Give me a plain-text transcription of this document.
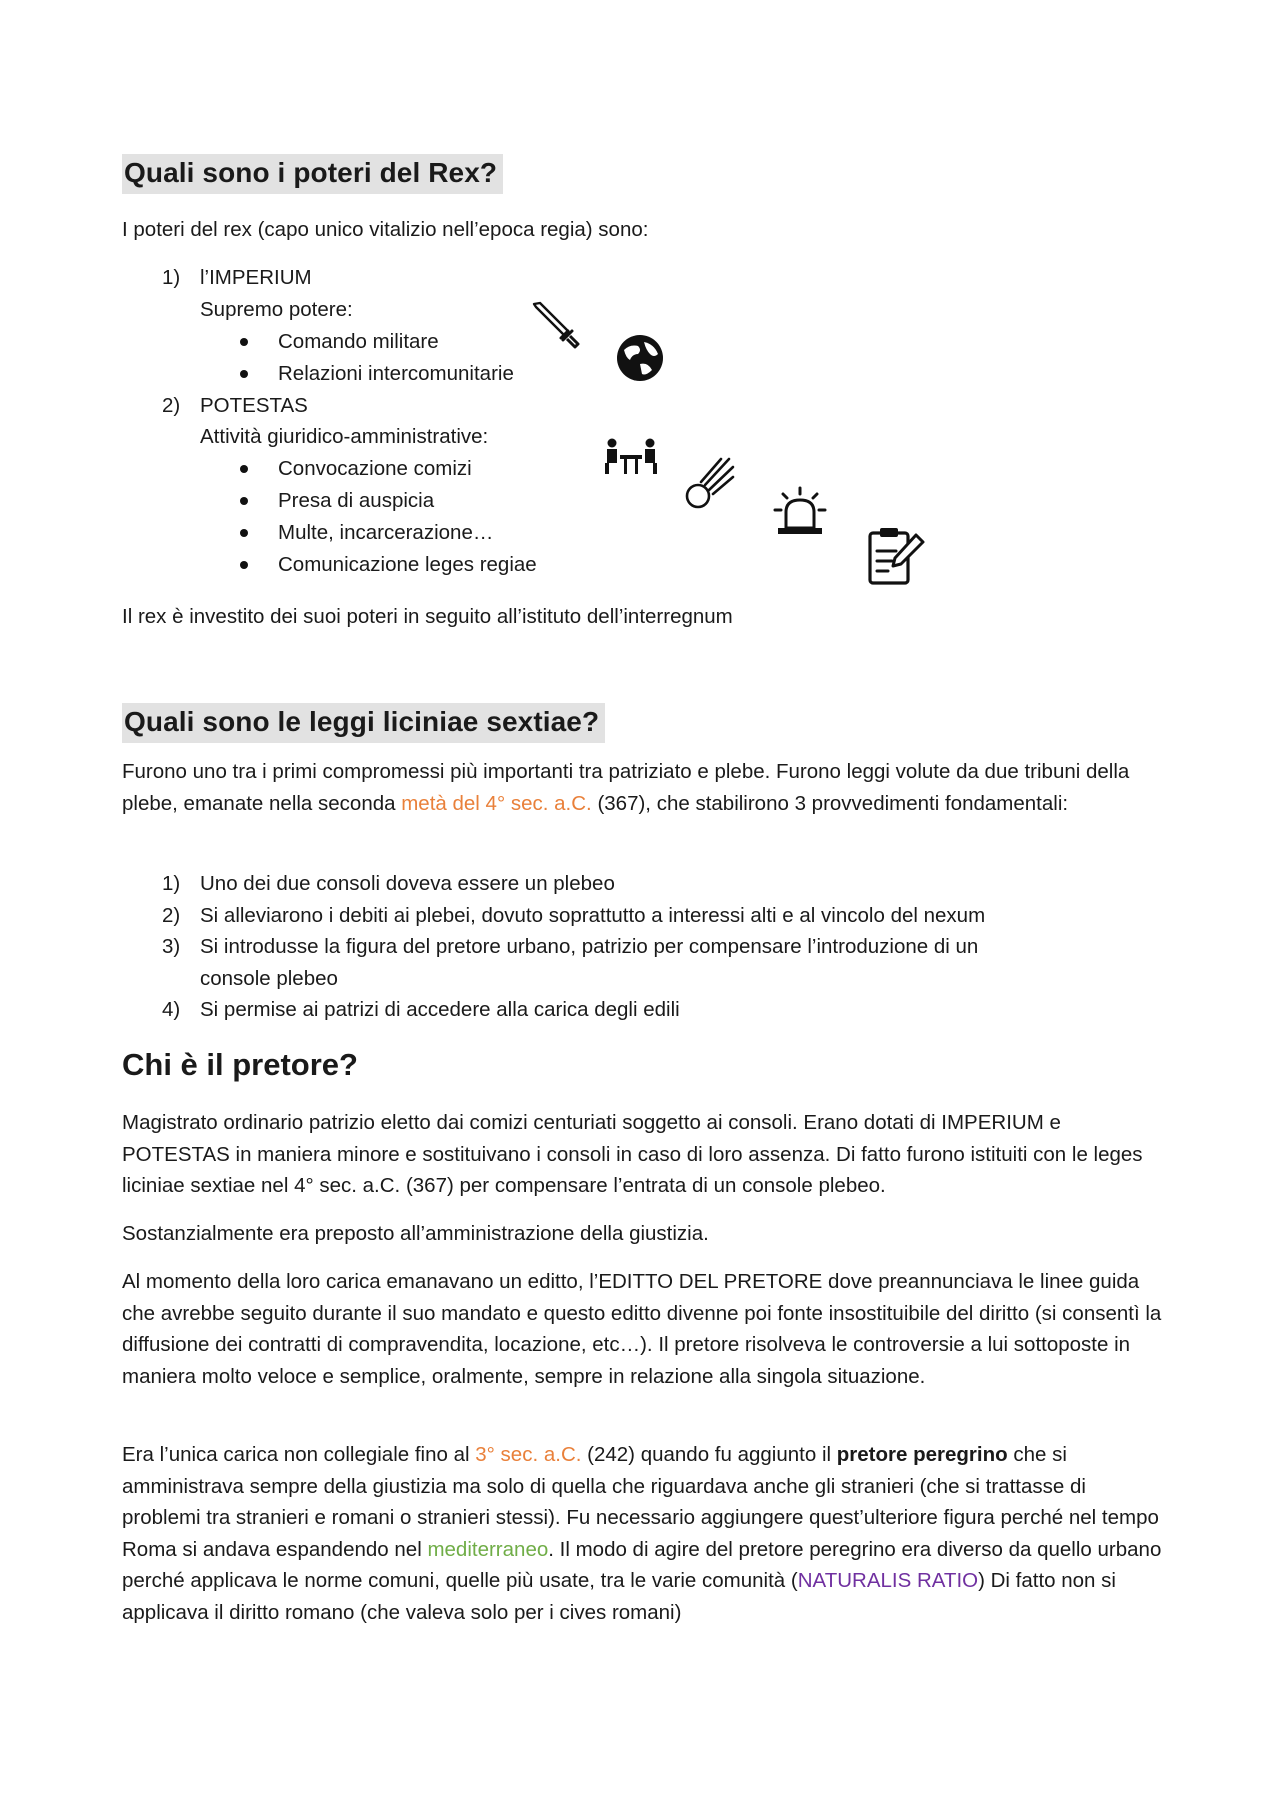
Quali sono i poteri del Rex?

I poteri del rex (capo unico vitalizio nell’epoca regia) sono:

1) l’IMPERIUM
Supremo potere:
Comando militare
Relazioni intercomunitarie
2) POTESTAS
Attività giuridico-amministrative:
Convocazione comizi
Presa di auspicia
Multe, incarcerazione…
Comunicazione leges regiae

Il rex è investito dei suoi poteri in seguito all’istituto dell’interregnum

Quali sono le leggi liciniae sextiae?

Furono uno tra i primi compromessi più importanti tra patriziato e plebe. Furono leggi volute da due tribuni della plebe, emanate nella seconda metà del 4° sec. a.C. (367), che stabilirono 3 provvedimenti fondamentali:

1) Uno dei due consoli doveva essere un plebeo
2) Si alleviarono i debiti ai plebei, dovuto soprattutto a interessi alti e al vincolo del nexum
3) Si introdusse la figura del pretore urbano, patrizio per compensare l’introduzione di un console plebeo
4) Si permise ai patrizi di accedere alla carica degli edili
Chi è il pretore?

Magistrato ordinario patrizio eletto dai comizi centuriati soggetto ai consoli. Erano dotati di IMPERIUM e POTESTAS in maniera minore e sostituivano i consoli in caso di loro assenza. Di fatto furono istituiti con le leges liciniae sextiae nel 4° sec. a.C. (367) per compensare l’entrata di un console plebeo.

Sostanzialmente era preposto all’amministrazione della giustizia.

Al momento della loro carica emanavano un editto, l’EDITTO DEL PRETORE dove preannunciava le linee guida che avrebbe seguito durante il suo mandato e questo editto divenne poi fonte insostituibile del diritto (si consentì la diffusione dei contratti di compravendita, locazione, etc…). Il pretore risolveva le controversie a lui sottoposte in maniera molto veloce e semplice, oralmente, sempre in relazione alla singola situazione.

Era l’unica carica non collegiale fino al 3° sec. a.C. (242) quando fu aggiunto il pretore peregrino che si amministrava sempre della giustizia ma solo di quella che riguardava anche gli stranieri (che si trattasse di problemi tra stranieri e romani o stranieri stessi). Fu necessario aggiungere quest’ulteriore figura perché nel tempo Roma si andava espandendo nel mediterraneo. Il modo di agire del pretore peregrino era diverso da quello urbano perché applicava le norme comuni, quelle più usate, tra le varie comunità (NATURALIS RATIO) Di fatto non si applicava il diritto romano (che valeva solo per i cives romani)
